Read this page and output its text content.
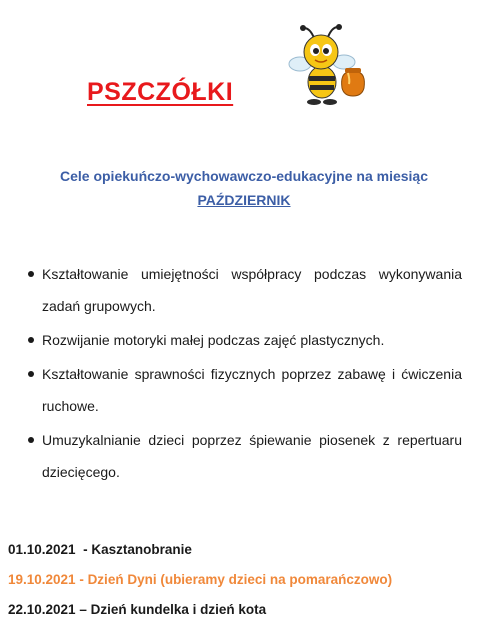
PSZCZÓŁKI
Cele opiekuńczo-wychowawczo-edukacyjne na miesiąc
PAŹDZIERNIK
Kształtowanie umiejętności współpracy podczas wykonywania zadań grupowych.
Rozwijanie motoryki małej podczas zajęć plastycznych.
Kształtowanie sprawności fizycznych poprzez zabawę i ćwiczenia ruchowe.
Umuzykalnianie dzieci poprzez śpiewanie piosenek z repertuaru dziecięcego.
01.10.2021  - Kasztanobranie
19.10.2021 - Dzień Dyni (ubieramy dzieci na pomarańczowo)
22.10.2021 – Dzień kundelka i dzień kota
